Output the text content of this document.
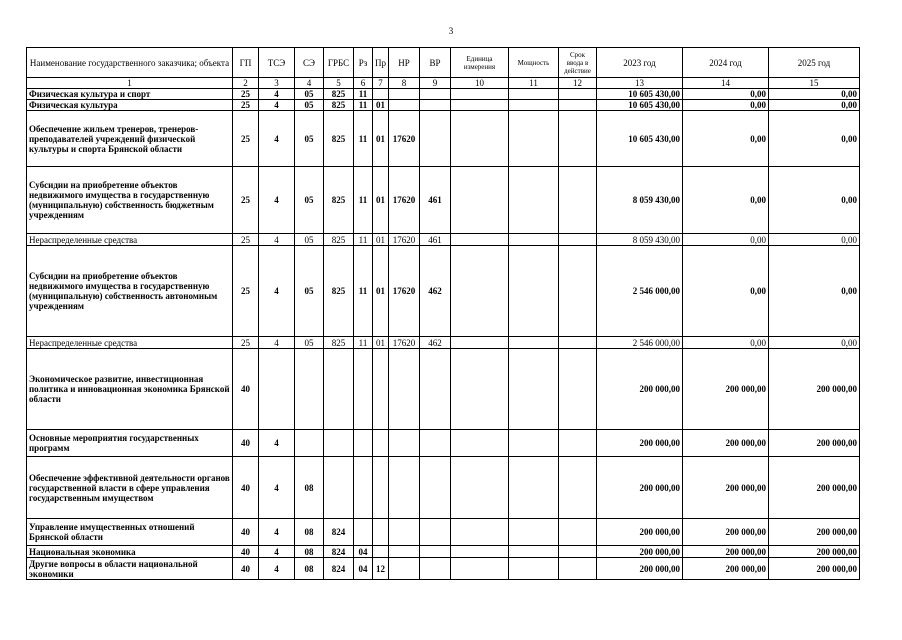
3
Наименование государственного заказчика; объекта	ГП	ТСЭ	СЭ	ГРБС	Рз	Пр	НР	ВР	Единица измерения	Мощность	Срок ввода в действие	2023 год	2024 год	2025 год
1	2	3	4	5	6	7	8	9	10	11	12	13	14	15
Физическая культура и спорт	25	4	05	825	11							10 605 430,00	0,00	0,00
Физическая культура	25	4	05	825	11	01						10 605 430,00	0,00	0,00
Обеспечение жильем тренеров, тренеров-преподавателей учреждений физической культуры и спорта Брянской области	25	4	05	825	11	01	17620					10 605 430,00	0,00	0,00
Субсидии на приобретение объектов недвижимого имущества в государственную (муниципальную) собственность бюджетным учреждениям	25	4	05	825	11	01	17620	461				8 059 430,00	0,00	0,00
Нераспределенные средства	25	4	05	825	11	01	17620	461				8 059 430,00	0,00	0,00
Субсидии на приобретение объектов недвижимого имущества в государственную (муниципальную) собственность автономным учреждениям	25	4	05	825	11	01	17620	462				2 546 000,00	0,00	0,00
Нераспределенные средства	25	4	05	825	11	01	17620	462				2 546 000,00	0,00	0,00
Экономическое развитие, инвестиционная политика и инновационная экономика Брянской области	40											200 000,00	200 000,00	200 000,00
Основные мероприятия государственных программ	40	4										200 000,00	200 000,00	200 000,00
Обеспечение эффективной деятельности органов государственной власти в сфере управления государственным имуществом	40	4	08									200 000,00	200 000,00	200 000,00
Управление имущественных отношений Брянской области	40	4	08	824								200 000,00	200 000,00	200 000,00
Национальная экономика	40	4	08	824	04							200 000,00	200 000,00	200 000,00
Другие вопросы в области национальной экономики	40	4	08	824	04	12						200 000,00	200 000,00	200 000,00
